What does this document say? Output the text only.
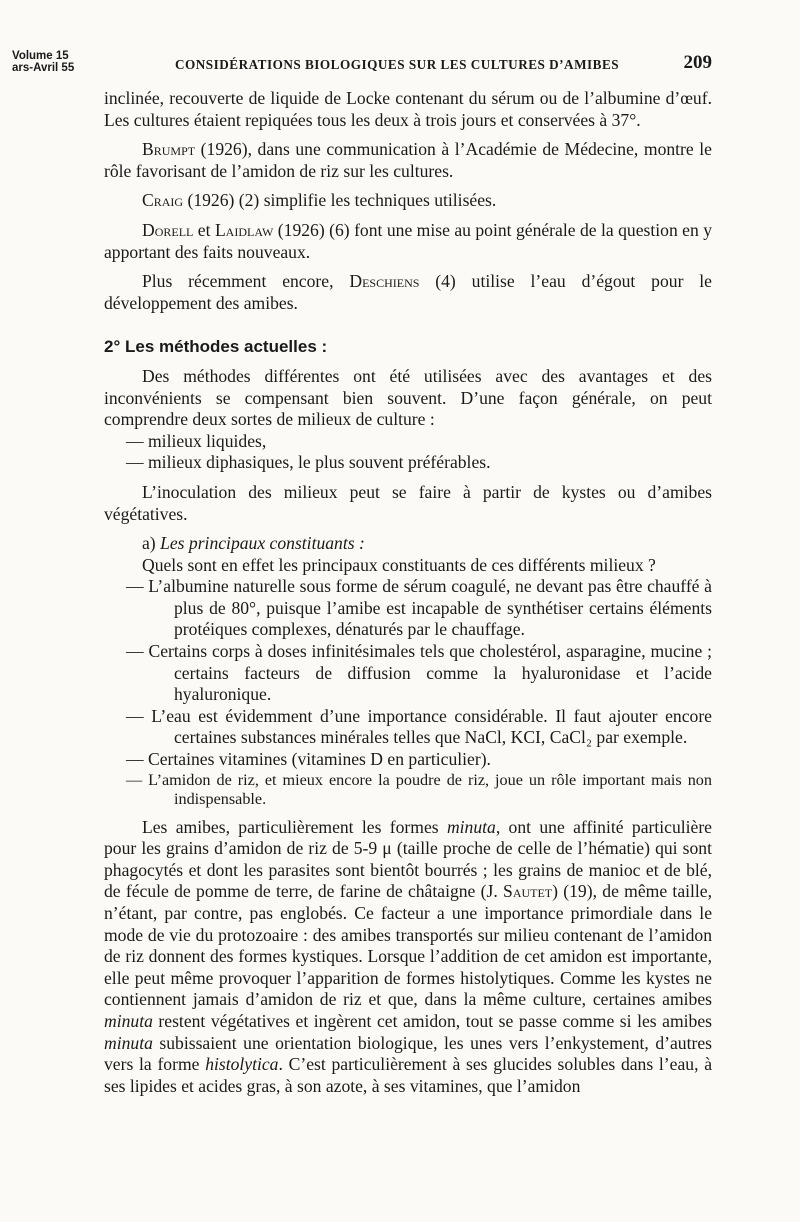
Volume 15
ars-Avril 55	CONSIDÉRATIONS BIOLOGIQUES SUR LES CULTURES D’AMIBES	209

inclinée, recouverte de liquide de Locke contenant du sérum ou de l’albumine d’œuf. Les cultures étaient repiquées tous les deux à trois jours et conservées à 37°.

Brumpt (1926), dans une communication à l’Académie de Médecine, montre le rôle favorisant de l’amidon de riz sur les cultures.

Craig (1926) (2) simplifie les techniques utilisées.

Dorell et Laidlaw (1926) (6) font une mise au point générale de la question en y apportant des faits nouveaux.

Plus récemment encore, Deschiens (4) utilise l’eau d’égout pour le développement des amibes.

2° Les méthodes actuelles :

Des méthodes différentes ont été utilisées avec des avantages et des inconvénients se compensant bien souvent. D’une façon générale, on peut comprendre deux sortes de milieux de culture :

— milieux liquides,

— milieux diphasiques, le plus souvent préférables.

L’inoculation des milieux peut se faire à partir de kystes ou d’amibes végétatives.

a) Les principaux constituants :

Quels sont en effet les principaux constituants de ces différents milieux ?

— L’albumine naturelle sous forme de sérum coagulé, ne devant pas être chauffé à plus de 80°, puisque l’amibe est incapable de synthétiser certains éléments protéiques complexes, dénaturés par le chauffage.

— Certains corps à doses infinitésimales tels que cholestérol, asparagine, mucine ; certains facteurs de diffusion comme la hyaluronidase et l’acide hyaluronique.

— L’eau est évidemment d’une importance considérable. Il faut ajouter encore certaines substances minérales telles que NaCl, KCI, CaCl₂ par exemple.

— Certaines vitamines (vitamines D en particulier).

— L’amidon de riz, et mieux encore la poudre de riz, joue un rôle important mais non indispensable.

Les amibes, particulièrement les formes minuta, ont une affinité particulière pour les grains d’amidon de riz de 5-9 μ (taille proche de celle de l’hématie) qui sont phagocytés et dont les parasites sont bientôt bourrés ; les grains de manioc et de blé, de fécule de pomme de terre, de farine de châtaigne (J. Sautet) (19), de même taille, n’étant, par contre, pas englobés. Ce facteur a une importance primordiale dans le mode de vie du protozoaire : des amibes transportés sur milieu contenant de l’amidon de riz donnent des formes kystiques. Lorsque l’addition de cet amidon est importante, elle peut même provoquer l’apparition de formes histolytiques. Comme les kystes ne contiennent jamais d’amidon de riz et que, dans la même culture, certaines amibes minuta restent végétatives et ingèrent cet amidon, tout se passe comme si les amibes minuta subissaient une orientation biologique, les unes vers l’enkystement, d’autres vers la forme histolytica. C’est particulièrement à ses glucides solubles dans l’eau, à ses lipides et acides gras, à son azote, à ses vitamines, que l’amidon
